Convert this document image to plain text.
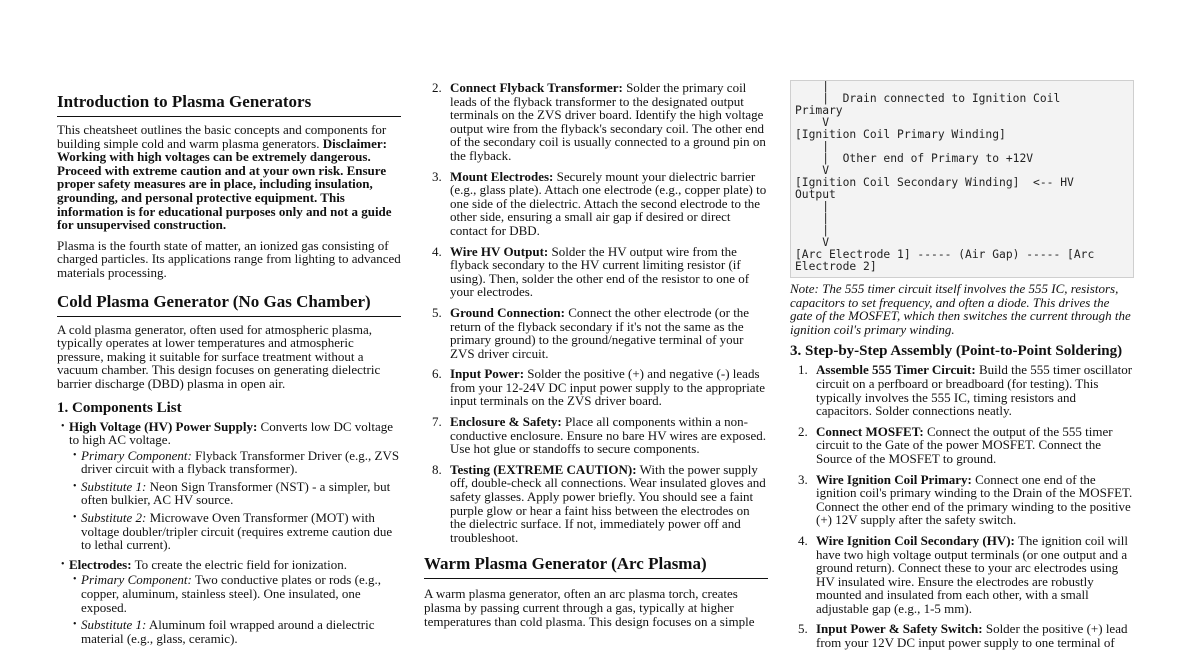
Introduction to Plasma Generators

This cheatsheet outlines the basic concepts and components for building simple cold and warm plasma generators. Disclaimer: Working with high voltages can be extremely dangerous. Proceed with extreme caution and at your own risk. Ensure proper safety measures are in place, including insulation, grounding, and personal protective equipment. This information is for educational purposes only and not a guide for unsupervised construction.

Plasma is the fourth state of matter, an ionized gas consisting of charged particles. Its applications range from lighting to advanced materials processing.

Cold Plasma Generator (No Gas Chamber)

A cold plasma generator, often used for atmospheric plasma, typically operates at lower temperatures and atmospheric pressure, making it suitable for surface treatment without a vacuum chamber. This design focuses on generating dielectric barrier discharge (DBD) plasma in open air.

1. Components List
• High Voltage (HV) Power Supply: Converts low DC voltage to high AC voltage.
• Primary Component: Flyback Transformer Driver (e.g., ZVS driver circuit with a flyback transformer).
• Substitute 1: Neon Sign Transformer (NST) - a simpler, but often bulkier, AC HV source.
• Substitute 2: Microwave Oven Transformer (MOT) with voltage doubler/tripler circuit (requires extreme caution due to lethal current).
• Electrodes: To create the electric field for ionization.
• Primary Component: Two conductive plates or rods (e.g., copper, aluminum, stainless steel). One insulated, one exposed.
• Substitute 1: Aluminum foil wrapped around a dielectric material (e.g., glass, ceramic).
2. Connect Flyback Transformer: Solder the primary coil leads of the flyback transformer to the designated output terminals on the ZVS driver board. Identify the high voltage output wire from the flyback's secondary coil. The other end of the secondary coil is usually connected to a ground pin on the flyback.
3. Mount Electrodes: Securely mount your dielectric barrier (e.g., glass plate). Attach one electrode (e.g., copper plate) to one side of the dielectric. Attach the second electrode to the other side, ensuring a small air gap if desired or direct contact for DBD.
4. Wire HV Output: Solder the HV output wire from the flyback secondary to the HV current limiting resistor (if using). Then, solder the other end of the resistor to one of your electrodes.
5. Ground Connection: Connect the other electrode (or the return of the flyback secondary if it's not the same as the primary ground) to the ground/negative terminal of your ZVS driver circuit.
6. Input Power: Solder the positive (+) and negative (-) leads from your 12-24V DC input power supply to the appropriate input terminals on the ZVS driver board.
7. Enclosure & Safety: Place all components within a non-conductive enclosure. Ensure no bare HV wires are exposed. Use hot glue or standoffs to secure components.
8. Testing (EXTREME CAUTION): With the power supply off, double-check all connections. Wear insulated gloves and safety glasses. Apply power briefly. You should see a faint purple glow or hear a faint hiss between the electrodes on the dielectric surface. If not, immediately power off and troubleshoot.
Warm Plasma Generator (Arc Plasma)

A warm plasma generator, often an arc plasma torch, creates plasma by passing current through a gas, typically at higher temperatures than cold plasma. This design focuses on a simple

|
|  Drain connected to Ignition Coil
Primary
V
[Ignition Coil Primary Winding]
|
|  Other end of Primary to +12V
V
[Ignition Coil Secondary Winding]  <-- HV
Output
|
|
|
V
[Arc Electrode 1] ----- (Air Gap) ----- [Arc
Electrode 2]

Note: The 555 timer circuit itself involves the 555 IC, resistors, capacitors to set frequency, and often a diode. This drives the gate of the MOSFET, which then switches the current through the ignition coil's primary winding.

3. Step-by-Step Assembly (Point-to-Point Soldering)
1. Assemble 555 Timer Circuit: Build the 555 timer oscillator circuit on a perfboard or breadboard (for testing). This typically involves the 555 IC, timing resistors and capacitors. Solder connections neatly.
2. Connect MOSFET: Connect the output of the 555 timer circuit to the Gate of the power MOSFET. Connect the Source of the MOSFET to ground.
3. Wire Ignition Coil Primary: Connect one end of the ignition coil's primary winding to the Drain of the MOSFET. Connect the other end of the primary winding to the positive (+) 12V supply after the safety switch.
4. Wire Ignition Coil Secondary (HV): The ignition coil will have two high voltage output terminals (or one output and a ground return). Connect these to your arc electrodes using HV insulated wire. Ensure the electrodes are robustly mounted and insulated from each other, with a small adjustable gap (e.g., 1-5 mm).
5. Input Power & Safety Switch: Solder the positive (+) lead from your 12V DC input power supply to one terminal of
